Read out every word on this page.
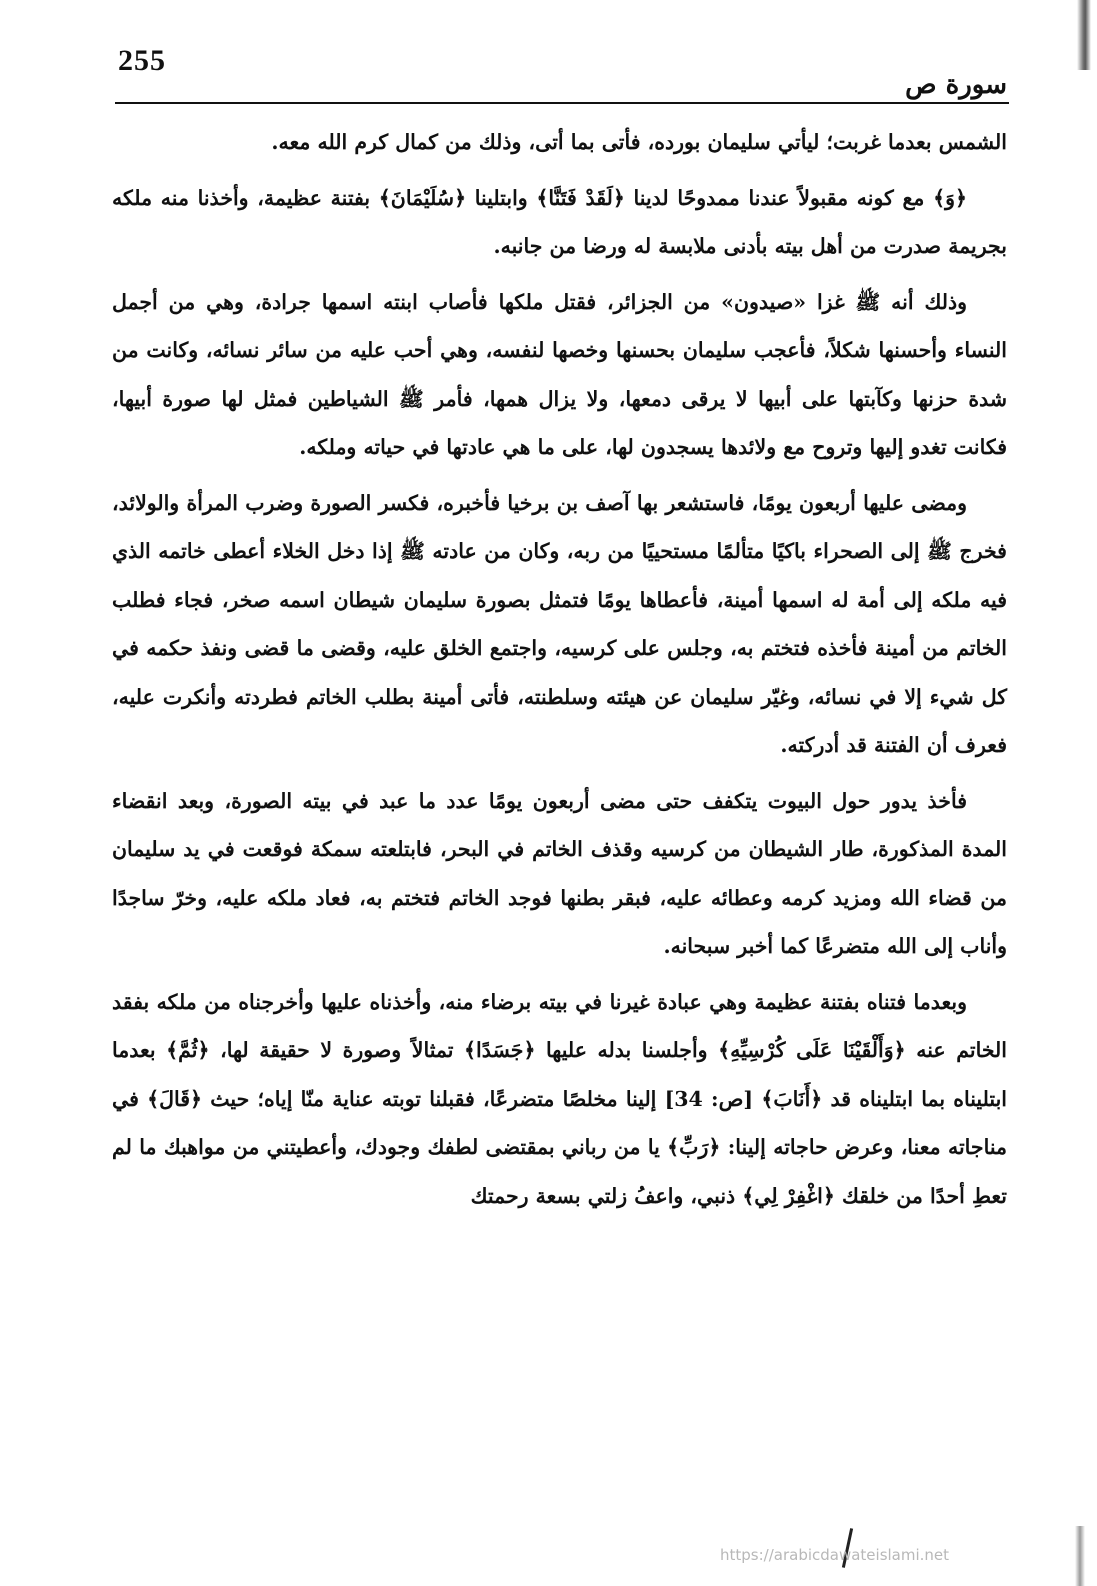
255
سورة ص

الشمس بعدما غربت؛ ليأتي سليمان بورده، فأتى بما أتى، وذلك من كمال كرم الله معه.

﴿وَ﴾ مع كونه مقبولاً عندنا ممدوحًا لدينا ﴿لَقَدْ فَتَنَّا﴾ وابتلينا ﴿سُلَيْمَانَ﴾ بفتنة عظيمة، وأخذنا منه ملكه بجريمة صدرت من أهل بيته بأدنى ملابسة له ورضا من جانبه.

وذلك أنه ﷺ غزا «صيدون» من الجزائر، فقتل ملكها فأصاب ابنته اسمها جرادة، وهي من أجمل النساء وأحسنها شكلاً، فأعجب سليمان بحسنها وخصها لنفسه، وهي أحب عليه من سائر نسائه، وكانت من شدة حزنها وكآبتها على أبيها لا يرقى دمعها، ولا يزال همها، فأمر ﷺ الشياطين فمثل لها صورة أبيها، فكانت تغدو إليها وتروح مع ولائدها يسجدون لها، على ما هي عادتها في حياته وملكه.

ومضى عليها أربعون يومًا، فاستشعر بها آصف بن برخيا فأخبره، فكسر الصورة وضرب المرأة والولائد، فخرج ﷺ إلى الصحراء باكيًا متألمًا مستحييًا من ربه، وكان من عادته ﷺ إذا دخل الخلاء أعطى خاتمه الذي فيه ملكه إلى أمة له اسمها أمينة، فأعطاها يومًا فتمثل بصورة سليمان شيطان اسمه صخر، فجاء فطلب الخاتم من أمينة فأخذه فتختم به، وجلس على كرسيه، واجتمع الخلق عليه، وقضى ما قضى ونفذ حكمه في كل شيء إلا في نسائه، وغيّر سليمان عن هيئته وسلطنته، فأتى أمينة بطلب الخاتم فطردته وأنكرت عليه، فعرف أن الفتنة قد أدركته.

فأخذ يدور حول البيوت يتكفف حتى مضى أربعون يومًا عدد ما عبد في بيته الصورة، وبعد انقضاء المدة المذكورة، طار الشيطان من كرسيه وقذف الخاتم في البحر، فابتلعته سمكة فوقعت في يد سليمان من قضاء الله ومزيد كرمه وعطائه عليه، فبقر بطنها فوجد الخاتم فتختم به، فعاد ملكه عليه، وخرّ ساجدًا وأناب إلى الله متضرعًا كما أخبر سبحانه.

وبعدما فتناه بفتنة عظيمة وهي عبادة غيرنا في بيته برضاء منه، وأخذناه عليها وأخرجناه من ملكه بفقد الخاتم عنه ﴿وَأَلْقَيْنَا عَلَى كُرْسِيِّهِ﴾ وأجلسنا بدله عليها ﴿جَسَدًا﴾ تمثالاً وصورة لا حقيقة لها، ﴿ثُمَّ﴾ بعدما ابتليناه بما ابتليناه قد ﴿أَنَابَ﴾ [ص: 34] إلينا مخلصًا متضرعًا، فقبلنا توبته عناية منّا إياه؛ حيث ﴿قَالَ﴾ في مناجاته معنا، وعرض حاجاته إلينا: ﴿رَبِّ﴾ يا من رباني بمقتضى لطفك وجودك، وأعطيتني من مواهبك ما لم تعطِ أحدًا من خلقك ﴿اغْفِرْ لِي﴾ ذنبي، واعفُ زلتي بسعة رحمتك

https://arabicdawateislami.net
